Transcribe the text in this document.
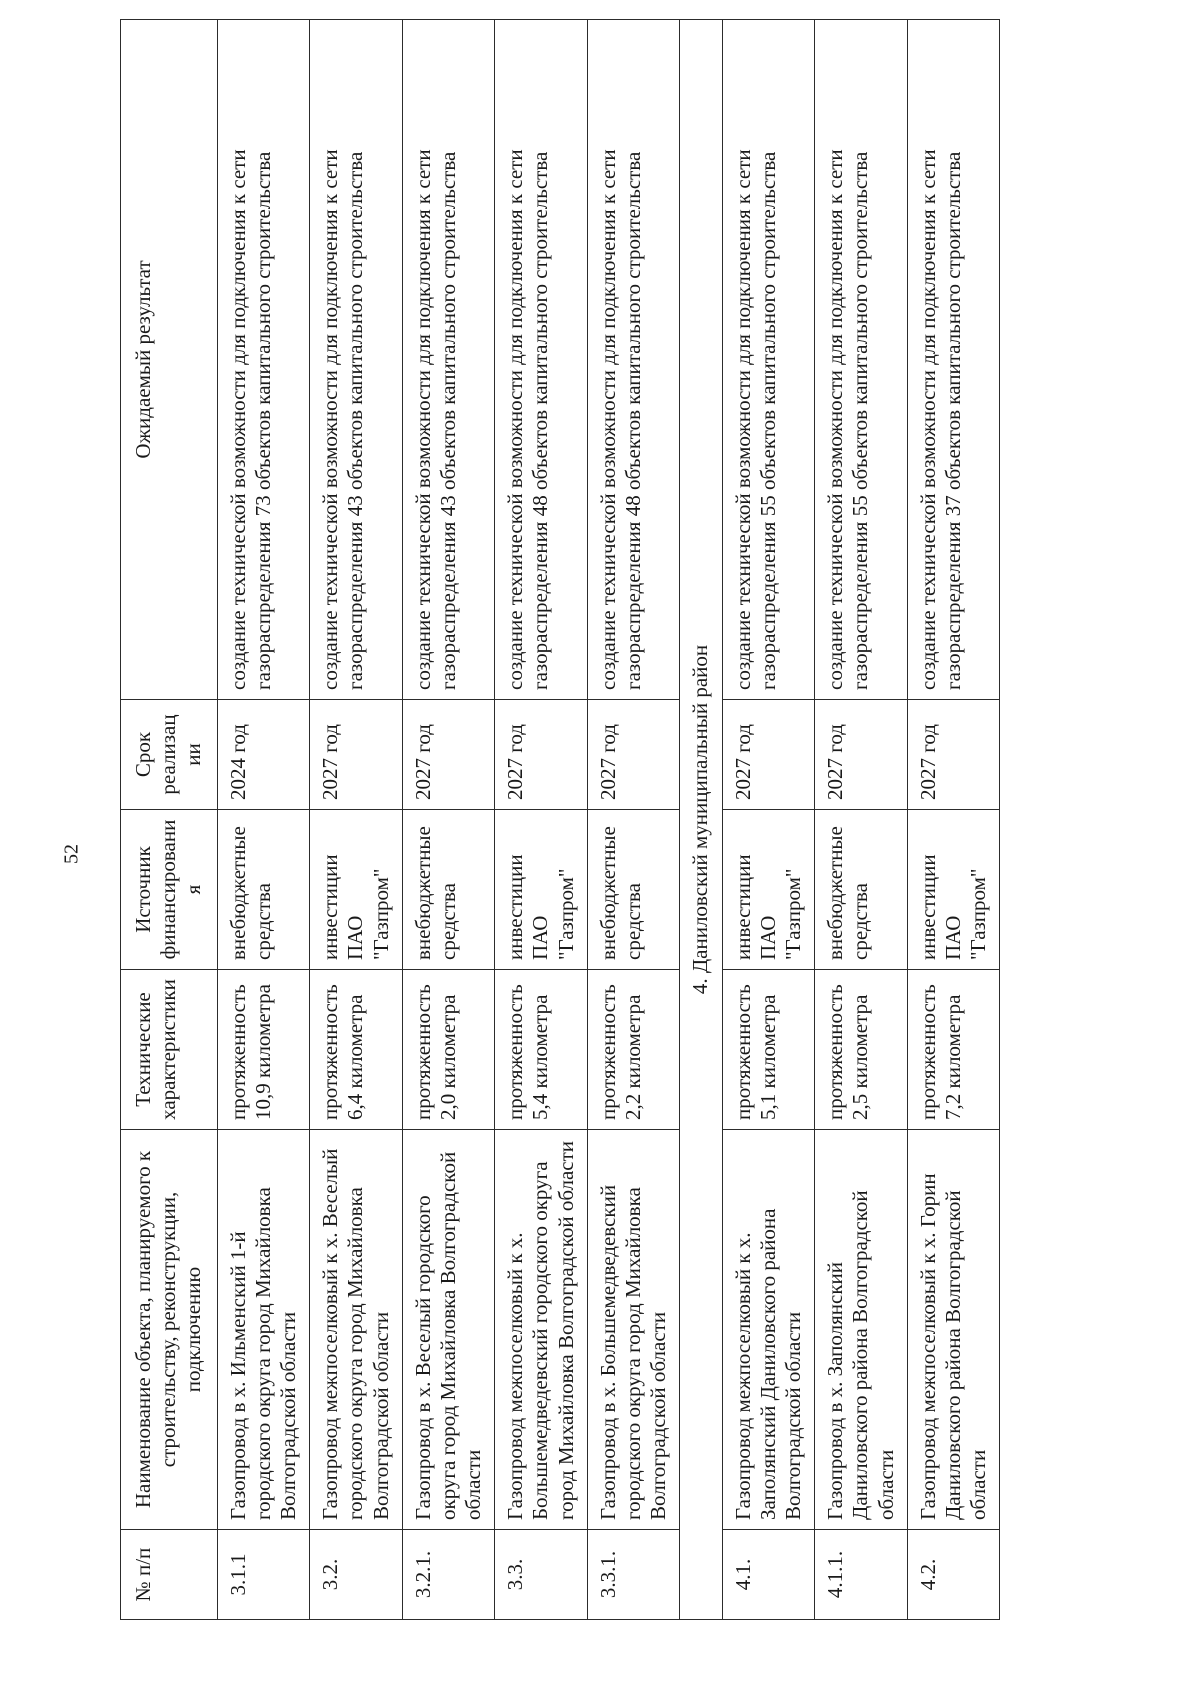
52
№ п/п	Наименование объекта, планируемого к строительству, реконструкции, подключению	Технические характеристики	Источник финансирования	Срок реализации	Ожидаемый результат
3.1.1	Газопровод в х. Ильменский 1-й городского округа город Михайловка Волгоградской области	протяженность 10,9 километра	внебюджетные средства	2024 год	создание технической возможности для подключения к сети газораспределения 73 объектов капитального строительства
3.2.	Газопровод межпоселковый к х. Веселый городского округа город Михайловка Волгоградской области	протяженность 6,4 километра	инвестиции ПАО "Газпром"	2027 год	создание технической возможности для подключения к сети газораспределения 43 объектов капитального строительства
3.2.1.	Газопровод в х. Веселый городского округа город Михайловка Волгоградской области	протяженность 2,0 километра	внебюджетные средства	2027 год	создание технической возможности для подключения к сети газораспределения 43 объектов капитального строительства
3.3.	Газопровод межпоселковый к х. Большемедведевский городского округа город Михайловка Волгоградской области	протяженность 5,4 километра	инвестиции ПАО "Газпром"	2027 год	создание технической возможности для подключения к сети газораспределения 48 объектов капитального строительства
3.3.1.	Газопровод в х. Большемедведевский городского округа город Михайловка Волгоградской области	протяженность 2,2 километра	внебюджетные средства	2027 год	создание технической возможности для подключения к сети газораспределения 48 объектов капитального строительства
4. Даниловский муниципальный район					
4.1.	Газопровод межпоселковый к х. Заполянский Даниловского района Волгоградской области	протяженность 5,1 километра	инвестиции ПАО "Газпром"	2027 год	создание технической возможности для подключения к сети газораспределения 55 объектов капитального строительства
4.1.1.	Газопровод в х. Заполянский Даниловского района Волгоградской области	протяженность 2,5 километра	внебюджетные средства	2027 год	создание технической возможности для подключения к сети газораспределения 55 объектов капитального строительства
4.2.	Газопровод межпоселковый к х. Горин Даниловского района Волгоградской области	протяженность 7,2 километра	инвестиции ПАО "Газпром"	2027 год	создание технической возможности для подключения к сети газораспределения 37 объектов капитального строительства
